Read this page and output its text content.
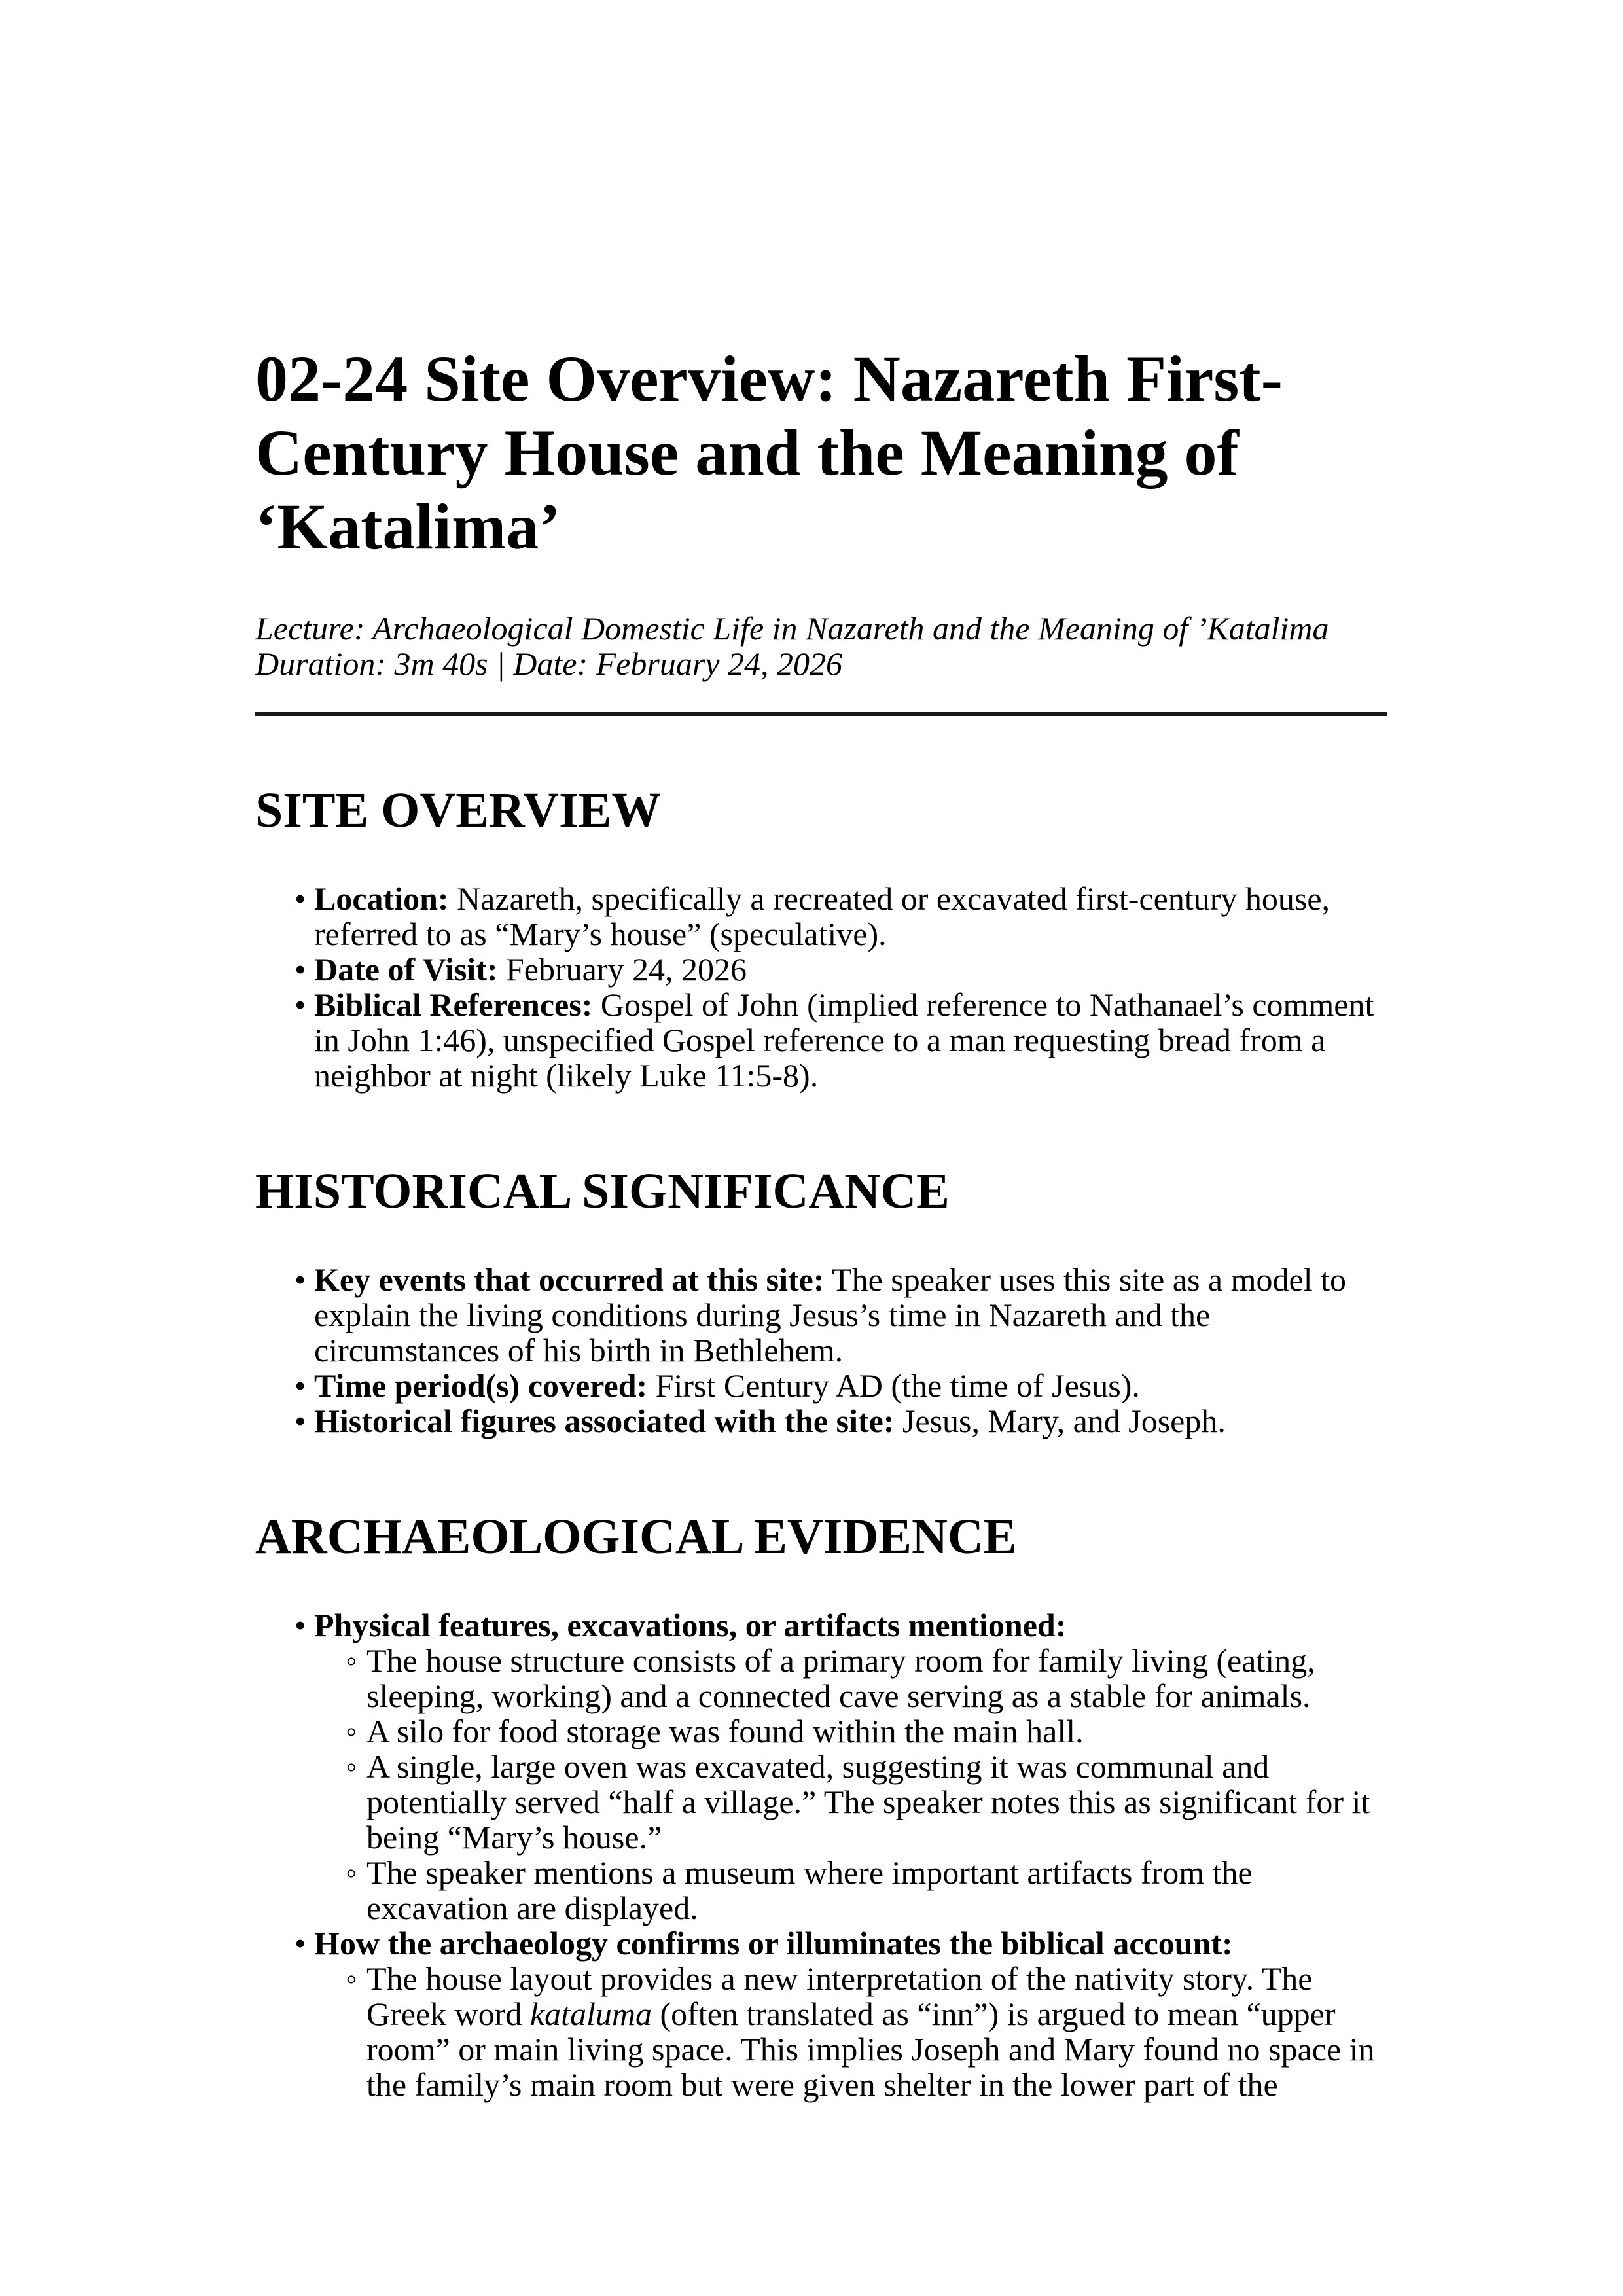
02-24 Site Overview: Nazareth First-Century House and the Meaning of ‘Katalima’

Lecture: Archaeological Domestic Life in Nazareth and the Meaning of ’Katalima
Duration: 3m 40s | Date: February 24, 2026

SITE OVERVIEW
• Location: Nazareth, specifically a recreated or excavated first-century house, referred to as “Mary’s house” (speculative).
• Date of Visit: February 24, 2026
• Biblical References: Gospel of John (implied reference to Nathanael’s comment in John 1:46), unspecified Gospel reference to a man requesting bread from a neighbor at night (likely Luke 11:5-8).
HISTORICAL SIGNIFICANCE
• Key events that occurred at this site: The speaker uses this site as a model to explain the living conditions during Jesus’s time in Nazareth and the circumstances of his birth in Bethlehem.
• Time period(s) covered: First Century AD (the time of Jesus).
• Historical figures associated with the site: Jesus, Mary, and Joseph.
ARCHAEOLOGICAL EVIDENCE
• Physical features, excavations, or artifacts mentioned:
◦ The house structure consists of a primary room for family living (eating, sleeping, working) and a connected cave serving as a stable for animals.
◦ A silo for food storage was found within the main hall.
◦ A single, large oven was excavated, suggesting it was communal and potentially served “half a village.” The speaker notes this as significant for it being “Mary’s house.”
◦ The speaker mentions a museum where important artifacts from the excavation are displayed.
• How the archaeology confirms or illuminates the biblical account:
◦ The house layout provides a new interpretation of the nativity story. The Greek word kataluma (often translated as “inn”) is argued to mean “upper room” or main living space. This implies Joseph and Mary found no space in the family’s main room but were given shelter in the lower part of the
